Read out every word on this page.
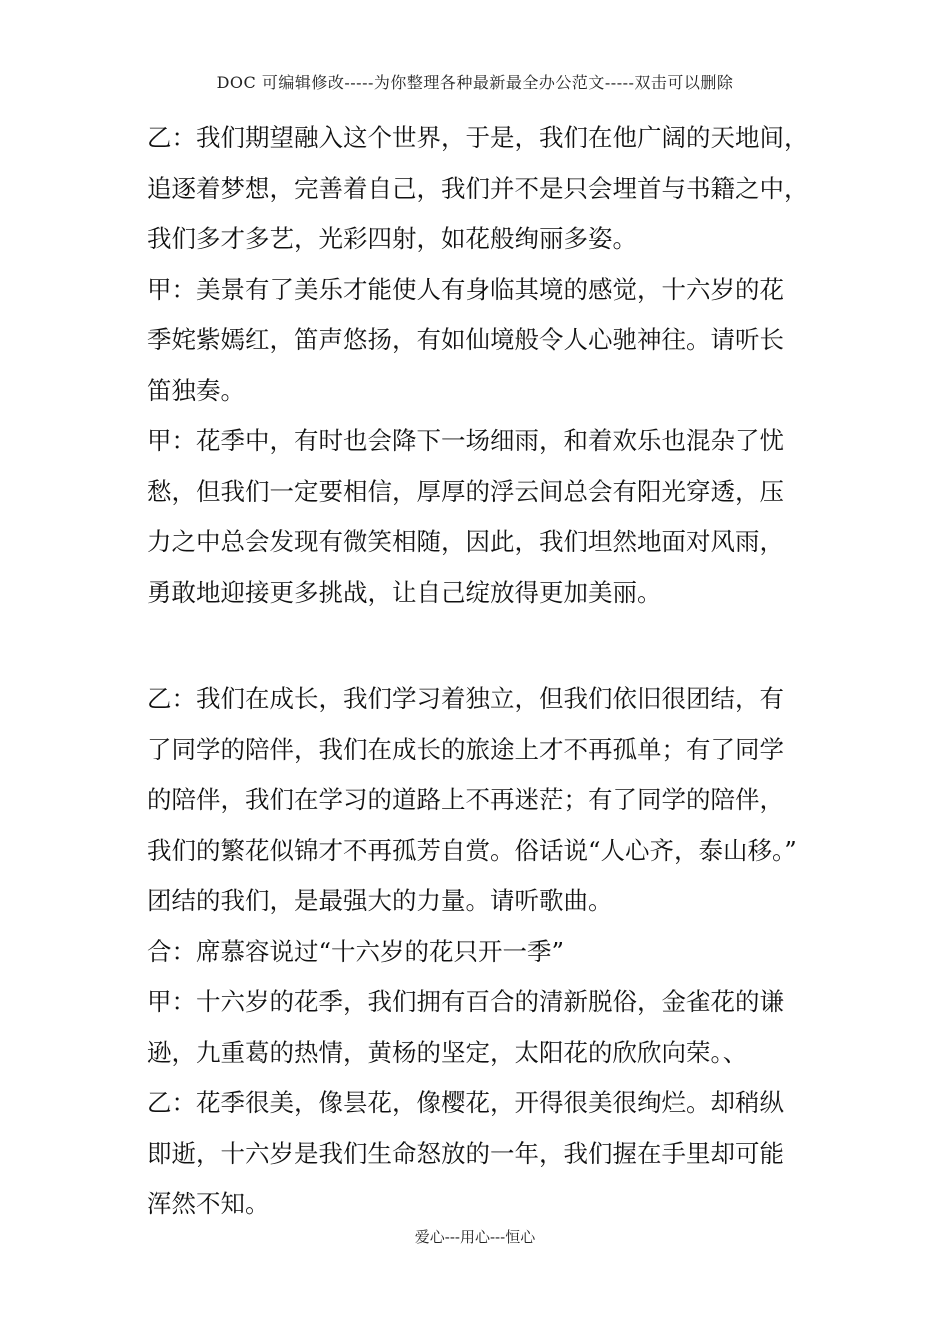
DOC 可编辑修改-----为你整理各种最新最全办公范文-----双击可以删除
乙：我们期望融入这个世界，于是，我们在他广阔的天地间，
追逐着梦想，完善着自己，我们并不是只会埋首与书籍之中，
我们多才多艺，光彩四射，如花般绚丽多姿。
甲：美景有了美乐才能使人有身临其境的感觉，十六岁的花
季姹紫嫣红，笛声悠扬，有如仙境般令人心驰神往。请听长
笛独奏。
甲：花季中，有时也会降下一场细雨，和着欢乐也混杂了忧
愁，但我们一定要相信，厚厚的浮云间总会有阳光穿透，压
力之中总会发现有微笑相随，因此，我们坦然地面对风雨，
勇敢地迎接更多挑战，让自己绽放得更加美丽。
乙：我们在成长，我们学习着独立，但我们依旧很团结，有
了同学的陪伴，我们在成长的旅途上才不再孤单；有了同学
的陪伴，我们在学习的道路上不再迷茫；有了同学的陪伴，
我们的繁花似锦才不再孤芳自赏。俗话说“人心齐，泰山移。”
团结的我们，是最强大的力量。请听歌曲。
合：席慕容说过“十六岁的花只开一季”
甲：十六岁的花季，我们拥有百合的清新脱俗，金雀花的谦
逊，九重葛的热情，黄杨的坚定，太阳花的欣欣向荣。、
乙：花季很美，像昙花，像樱花，开得很美很绚烂。却稍纵
即逝，十六岁是我们生命怒放的一年，我们握在手里却可能
浑然不知。
爱心---用心---恒心
